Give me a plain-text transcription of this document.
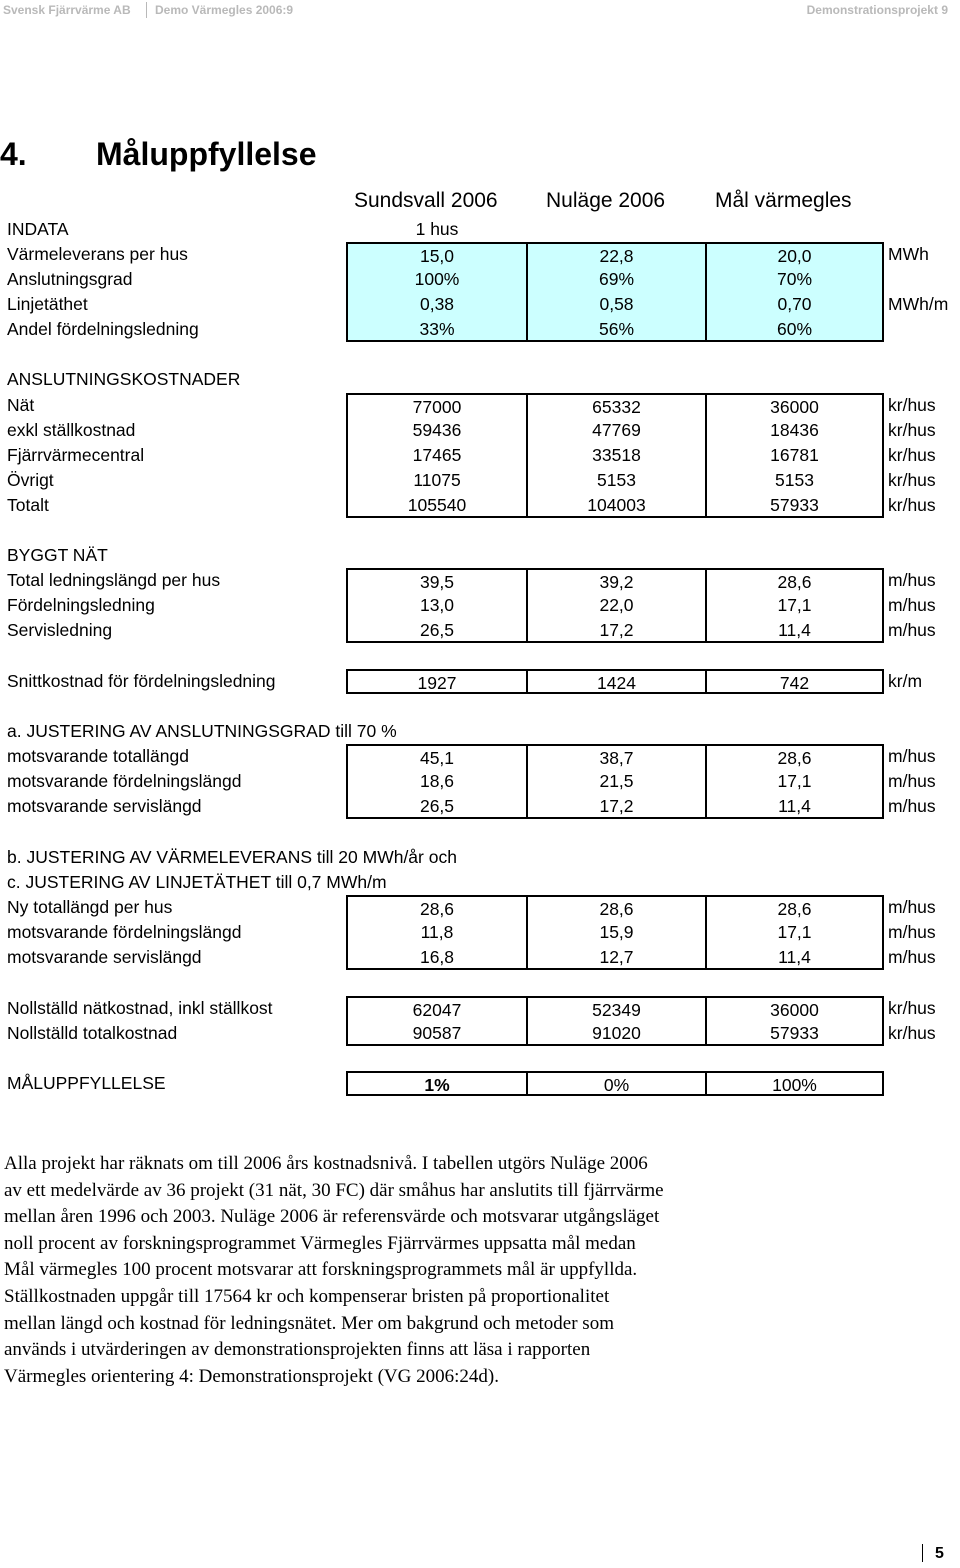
Svensk Fjärrvärme AB Demo Värmegles 2006:9	Demonstrationsprojekt 9
4. Måluppfyllelse
Sundsvall 2006 Nuläge 2006 Mål värmegles
INDATA	1 hus
Värmeleverans per hus	15,0	22,8	20,0	MWh
Anslutningsgrad	100%	69%	70%
Linjetäthet	0,38	0,58	0,70	MWh/m
Andel fördelningsledning	33%	56%	60%
ANSLUTNINGSKOSTNADER
Nät	77000	65332	36000	kr/hus
exkl ställkostnad	59436	47769	18436	kr/hus
Fjärrvärmecentral	17465	33518	16781	kr/hus
Övrigt	11075	5153	5153	kr/hus
Totalt	105540	104003	57933	kr/hus
BYGGT NÄT
Total ledningslängd per hus	39,5	39,2	28,6	m/hus
Fördelningsledning	13,0	22,0	17,1	m/hus
Servisledning	26,5	17,2	11,4	m/hus
Snittkostnad för fördelningsledning	1927	1424	742	kr/m
a. JUSTERING AV ANSLUTNINGSGRAD till 70 %
motsvarande totallängd	45,1	38,7	28,6	m/hus
motsvarande fördelningslängd	18,6	21,5	17,1	m/hus
motsvarande servislängd	26,5	17,2	11,4	m/hus
b. JUSTERING AV VÄRMELEVERANS till 20 MWh/år och
c. JUSTERING AV LINJETÄTHET till 0,7 MWh/m
Ny totallängd per hus	28,6	28,6	28,6	m/hus
motsvarande fördelningslängd	11,8	15,9	17,1	m/hus
motsvarande servislängd	16,8	12,7	11,4	m/hus
Nollställd nätkostnad, inkl ställkost	62047	52349	36000	kr/hus
Nollställd totalkostnad	90587	91020	57933	kr/hus
MÅLUPPFYLLELSE	1%	0%	100%
Alla projekt har räknats om till 2006 års kostnadsnivå. I tabellen utgörs Nuläge 2006
av ett medelvärde av 36 projekt (31 nät, 30 FC) där småhus har anslutits till fjärrvärme
mellan åren 1996 och 2003. Nuläge 2006 är referensvärde och motsvarar utgångsläget
noll procent av forskningsprogrammet Värmegles Fjärrvärmes uppsatta mål medan
Mål värmegles 100 procent motsvarar att forskningsprogrammets mål är uppfyllda.
Ställkostnaden uppgår till 17564 kr och kompenserar bristen på proportionalitet
mellan längd och kostnad för ledningsnätet. Mer om bakgrund och metoder som
används i utvärderingen av demonstrationsprojekten finns att läsa i rapporten
Värmegles orientering 4: Demonstrationsprojekt (VG 2006:24d).
5
